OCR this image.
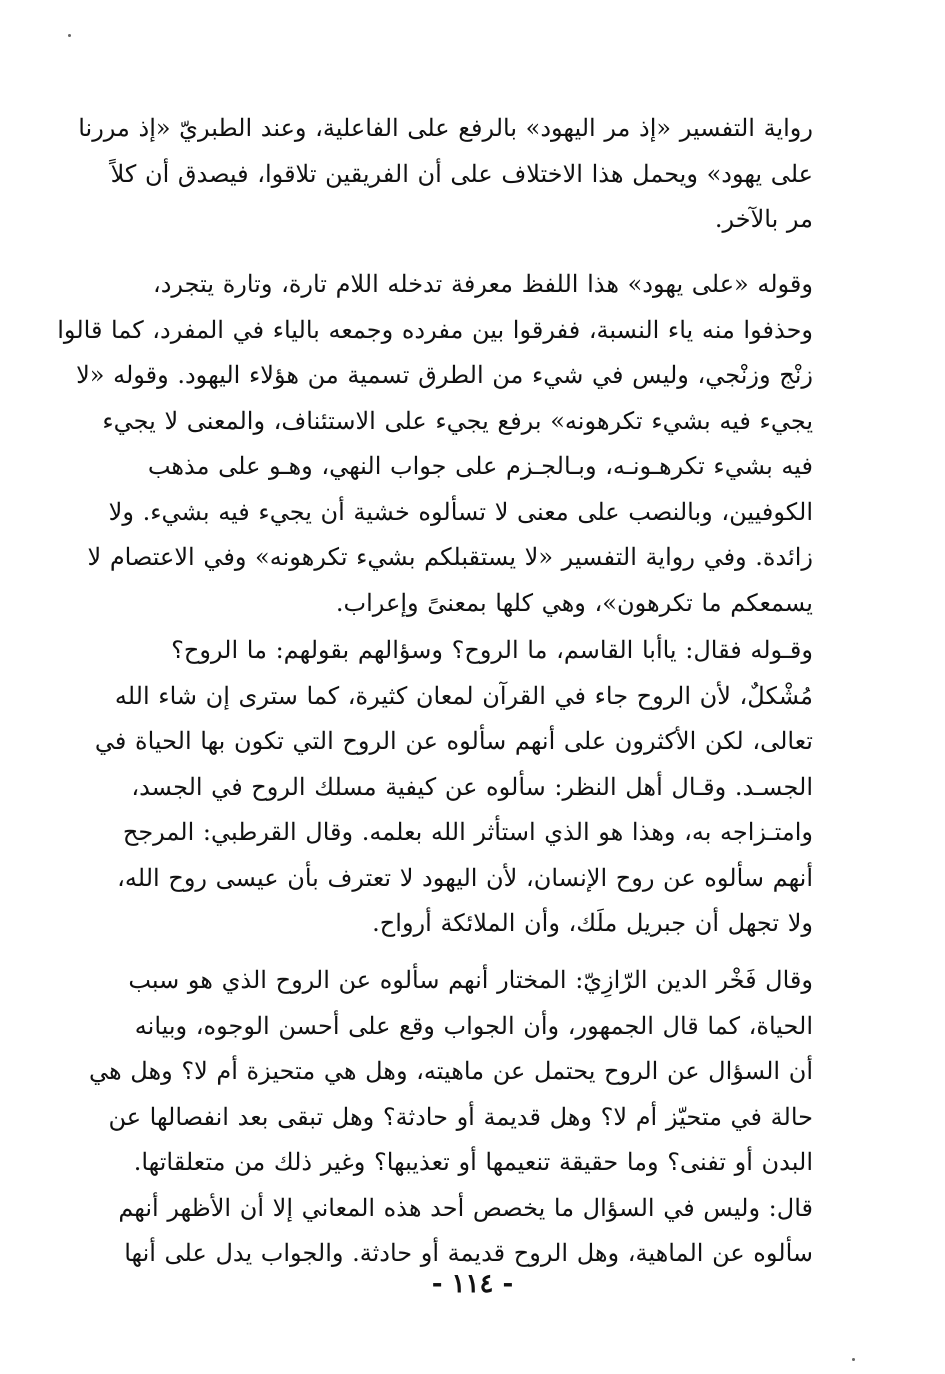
رواية التفسير «إذ مر اليهود» بالرفع على الفاعلية، وعند الطبريّ «إذ مررنا
على يهود» ويحمل هذا الاختلاف على أن الفريقين تلاقوا، فيصدق أن كلاً
مر بالآخر.
وقوله «على يهود» هذا اللفظ معرفة تدخله اللام تارة، وتارة يتجرد،
وحذفوا منه ياء النسبة، ففرقوا بين مفرده وجمعه بالياء في المفرد، كما قالوا
زنْج وزنْجي، وليس في شيء من الطرق تسمية من هؤلاء اليهود. وقوله «لا
يجيء فيه بشيء تكرهونه» برفع يجيء على الاستئناف، والمعنى لا يجيء
فيه بشيء تكرهـونـه، وبـالجـزم على جواب النهي، وهـو على مذهب
الكوفيين، وبالنصب على معنى لا تسألوه خشية أن يجيء فيه بشيء. ولا
زائدة. وفي رواية التفسير «لا يستقبلكم بشيء تكرهونه» وفي الاعتصام لا
يسمعكم ما تكرهون»، وهي كلها بمعنىً وإعراب.
وقـوله فقال: ياأبا القاسم، ما الروح؟ وسؤالهم بقولهم: ما الروح؟
مُشْكلٌ، لأن الروح جاء في القرآن لمعان كثيرة، كما سترى إن شاء الله
تعالى، لكن الأكثرون على أنهم سألوه عن الروح التي تكون بها الحياة في
الجسـد. وقـال أهل النظر: سألوه عن كيفية مسلك الروح في الجسد،
وامتـزاجه به، وهذا هو الذي استأثر الله بعلمه. وقال القرطبي: المرجح
أنهم سألوه عن روح الإنسان، لأن اليهود لا تعترف بأن عيسى روح الله،
ولا تجهل أن جبريل ملَك، وأن الملائكة أرواح.
وقال فَخْر الدين الرّازِيّ: المختار أنهم سألوه عن الروح الذي هو سبب
الحياة، كما قال الجمهور، وأن الجواب وقع على أحسن الوجوه، وبيانه
أن السؤال عن الروح يحتمل عن ماهيته، وهل هي متحيزة أم لا؟ وهل هي
حالة في متحيّز أم لا؟ وهل قديمة أو حادثة؟ وهل تبقى بعد انفصالها عن
البدن أو تفنى؟ وما حقيقة تنعيمها أو تعذيبها؟ وغير ذلك من متعلقاتها.
قال: وليس في السؤال ما يخصص أحد هذه المعاني إلا أن الأظهر أنهم
سألوه عن الماهية، وهل الروح قديمة أو حادثة. والجواب يدل على أنها
- ١١٤ -
